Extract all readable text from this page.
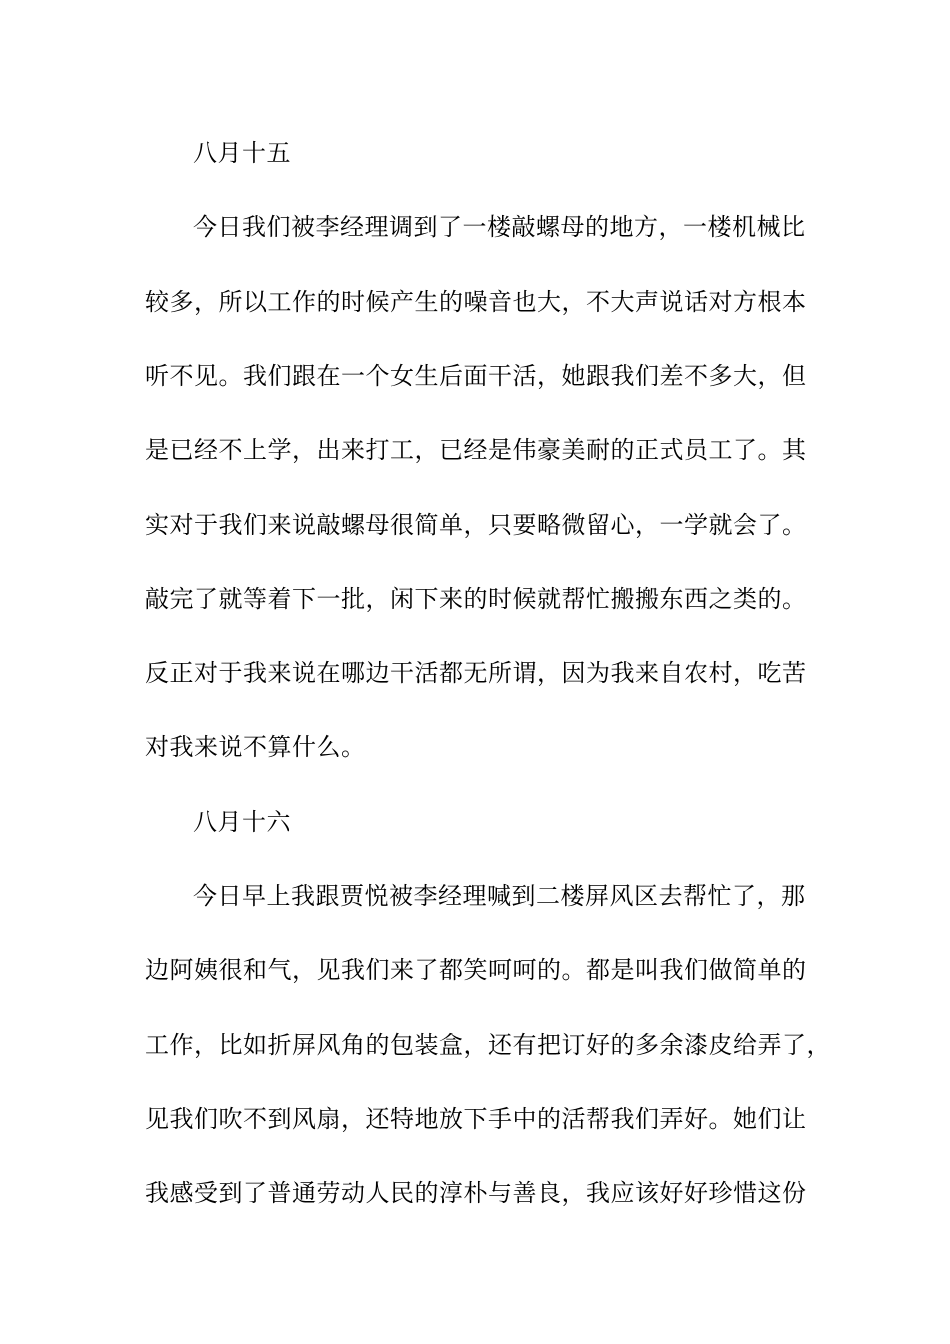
八月十五
今日我们被李经理调到了一楼敲螺母的地方，一楼机械比
较多，所以工作的时候产生的噪音也大，不大声说话对方根本
听不见。我们跟在一个女生后面干活，她跟我们差不多大，但
是已经不上学，出来打工，已经是伟豪美耐的正式员工了。其
实对于我们来说敲螺母很简单，只要略微留心，一学就会了。
敲完了就等着下一批，闲下来的时候就帮忙搬搬东西之类的。
反正对于我来说在哪边干活都无所谓，因为我来自农村，吃苦
对我来说不算什么。
八月十六
今日早上我跟贾悦被李经理喊到二楼屏风区去帮忙了，那
边阿姨很和气，见我们来了都笑呵呵的。都是叫我们做简单的
工作，比如折屏风角的包装盒，还有把订好的多余漆皮给弄了，
见我们吹不到风扇，还特地放下手中的活帮我们弄好。她们让
我感受到了普通劳动人民的淳朴与善良，我应该好好珍惜这份
